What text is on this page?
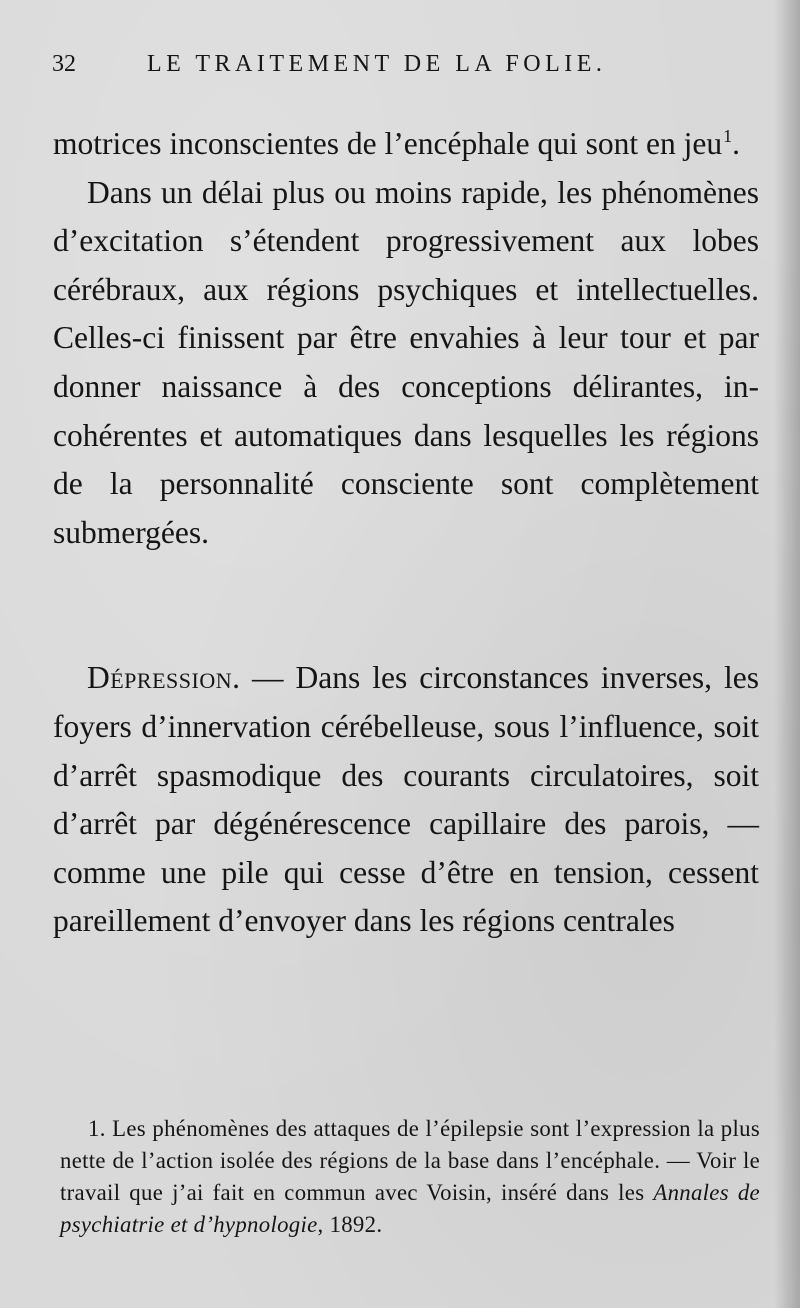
32	LE TRAITEMENT DE LA FOLIE.

motrices inconscientes de l’encéphale qui sont en jeu$^1$.

Dans un délai plus ou moins rapide, les phénomènes d’excitation s’étendent progressivement aux lobes cérébraux, aux régions psychiques et intellectuelles. Celles-ci finissent par être envahies à leur tour et par donner naissance à des conceptions délirantes, incohérentes et automatiques dans lesquelles les régions de la personnalité consciente sont complètement submergées.

Dépression. — Dans les circonstances inverses, les foyers d’innervation cérébelleuse, sous l’influence, soit d’arrêt spasmodique des courants circulatoires, soit d’arrêt par dégénérescence capillaire des parois, — comme une pile qui cesse d’être en tension, cessent pareillement d’envoyer dans les régions centrales

1. Les phénomènes des attaques de l’épilepsie sont l’expression la plus nette de l’action isolée des régions de la base dans l’encéphale. — Voir le travail que j’ai fait en commun avec Voisin, inséré dans les Annales de psychiatrie et d’hypnologie, 1892.
